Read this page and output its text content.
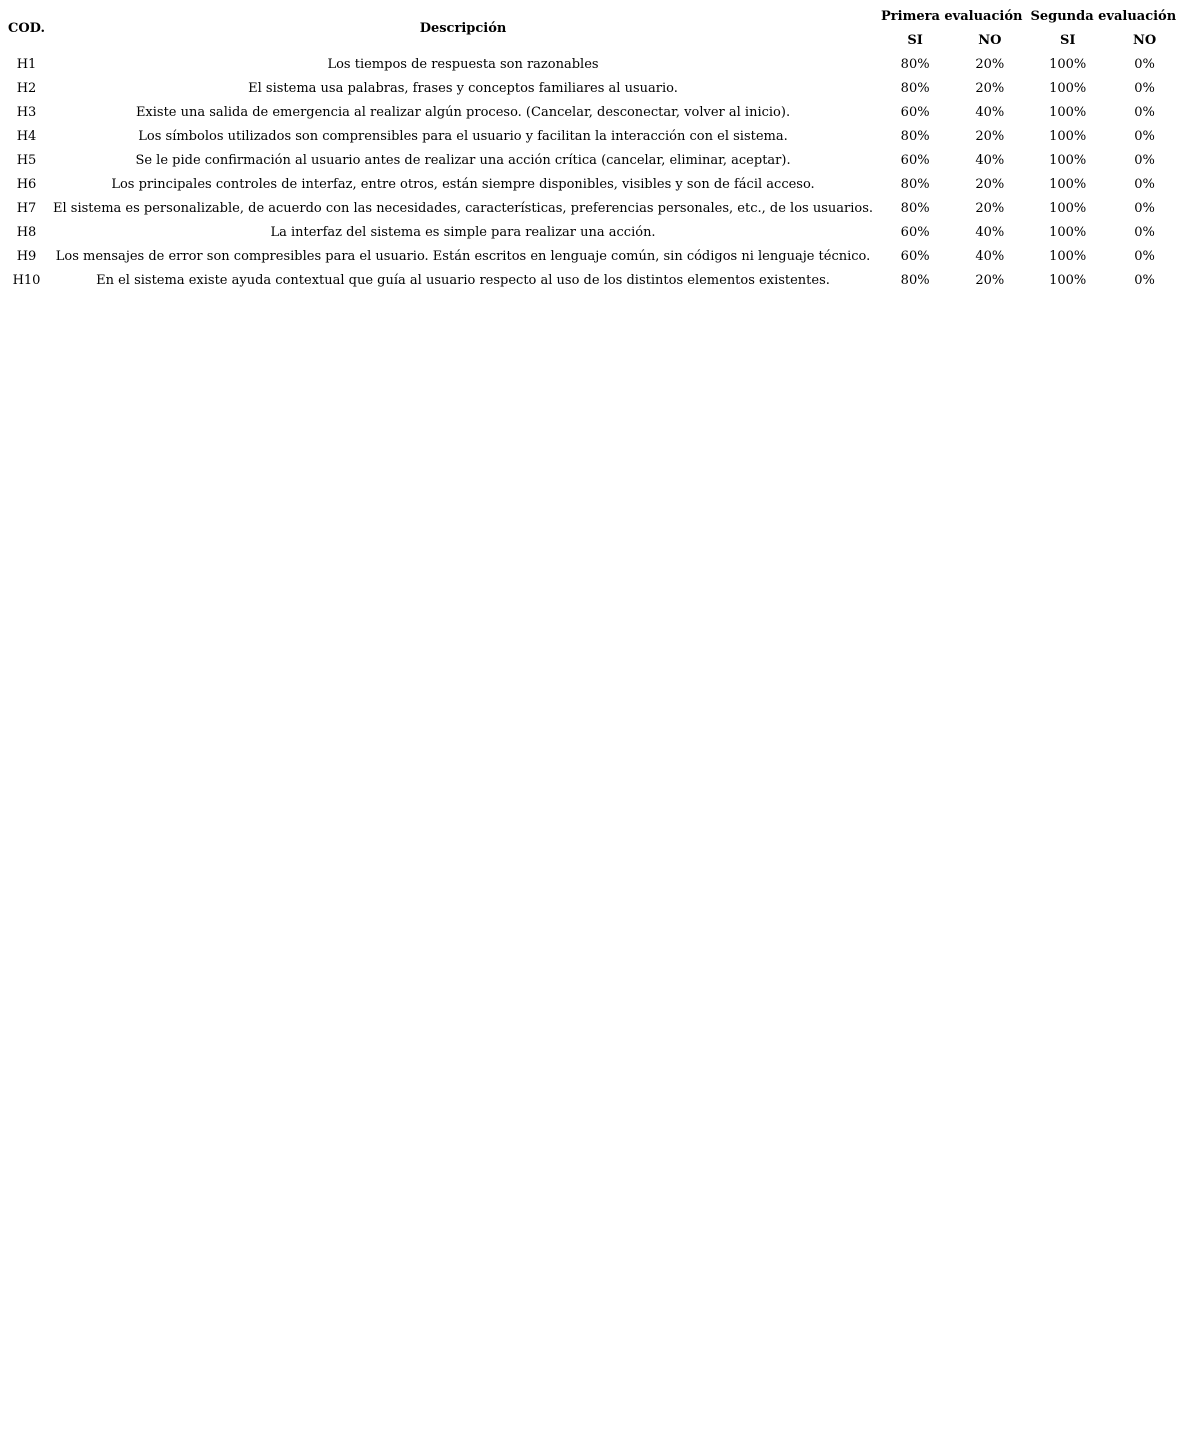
COD.	Descripción	Primera evaluación		Segunda evaluación	
		SI	NO	SI	NO
H1	Los tiempos de respuesta son razonables	80%	20%	100%	0%
H2	El sistema usa palabras, frases y conceptos familiares al usuario.	80%	20%	100%	0%
H3	Existe una salida de emergencia al realizar algún proceso. (Cancelar, desconectar, volver al inicio).	60%	40%	100%	0%
H4	Los símbolos utilizados son comprensibles para el usuario y facilitan la interacción con el sistema.	80%	20%	100%	0%
H5	Se le pide confirmación al usuario antes de realizar una acción crítica (cancelar, eliminar, aceptar).	60%	40%	100%	0%
H6	Los principales controles de interfaz, entre otros, están siempre disponibles, visibles y son de fácil acceso.	80%	20%	100%	0%
H7	El sistema es personalizable, de acuerdo con las necesidades, características, preferencias personales, etc., de los usuarios.	80%	20%	100%	0%
H8	La interfaz del sistema es simple para realizar una acción.	60%	40%	100%	0%
H9	Los mensajes de error son compresibles para el usuario. Están escritos en lenguaje común, sin códigos ni lenguaje técnico.	60%	40%	100%	0%
H10	En el sistema existe ayuda contextual que guía al usuario respecto al uso de los distintos elementos existentes.	80%	20%	100%	0%
